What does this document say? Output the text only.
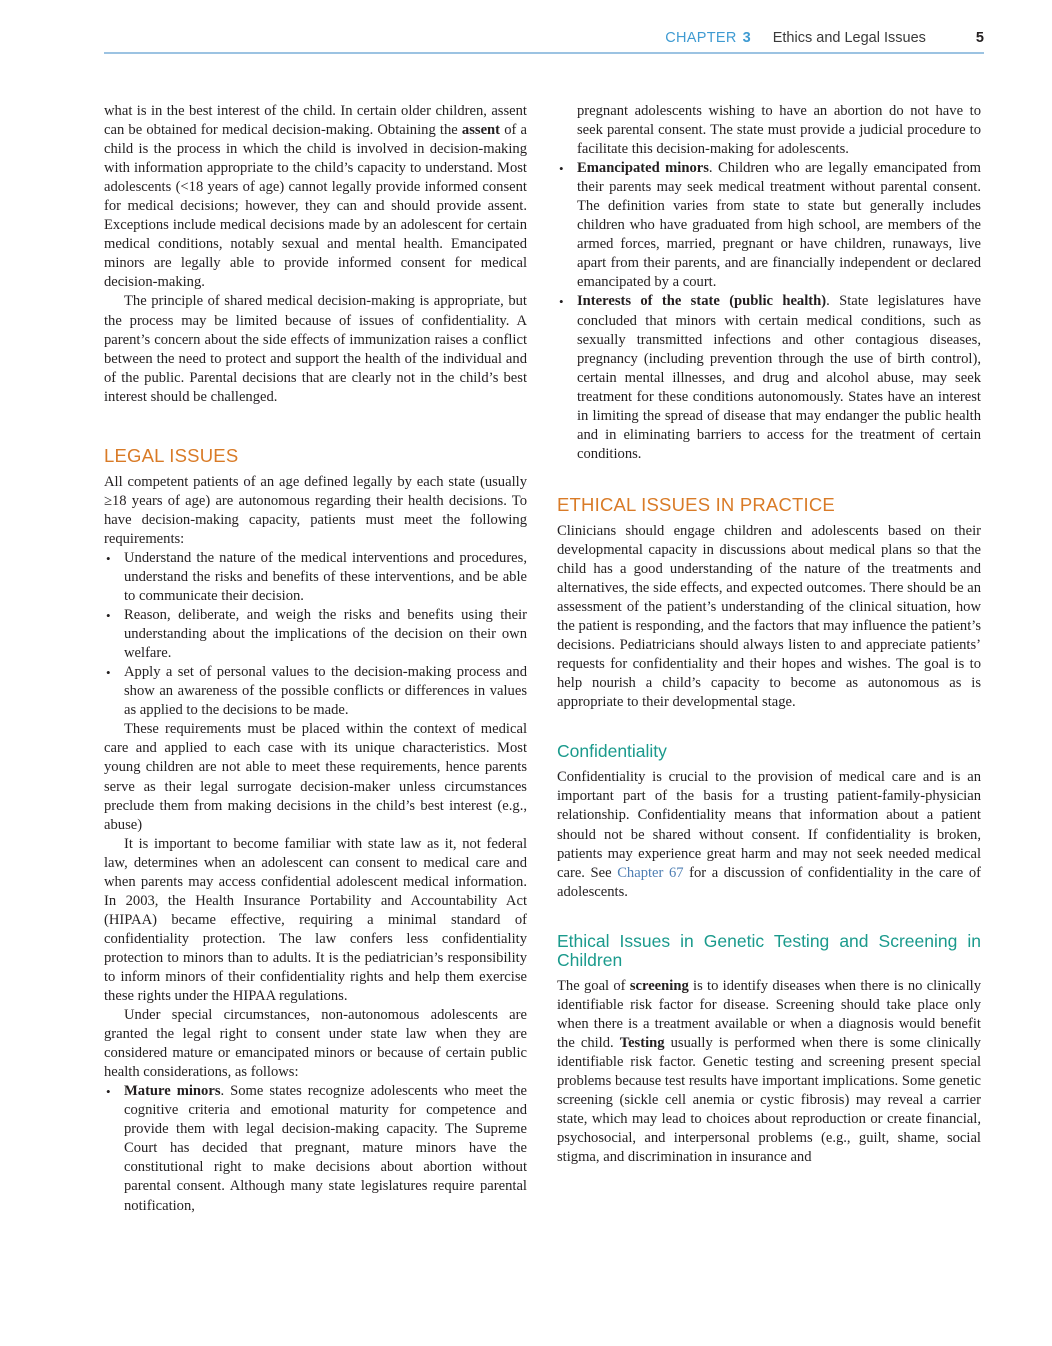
CHAPTER 3 Ethics and Legal Issues	5

what is in the best interest of the child. In certain older children, assent can be obtained for medical decision-making. Obtaining the assent of a child is the process in which the child is involved in decision-making with information appropriate to the child’s capacity to understand. Most adolescents (<18 years of age) cannot legally provide informed consent for medical decisions; however, they can and should provide assent. Exceptions include medical decisions made by an adolescent for certain medical conditions, notably sexual and mental health. Emancipated minors are legally able to provide informed consent for medical decision-making.

The principle of shared medical decision-making is appropriate, but the process may be limited because of issues of confidentiality. A parent’s concern about the side effects of immunization raises a conflict between the need to protect and support the health of the individual and of the public. Parental decisions that are clearly not in the child’s best interest should be challenged.

LEGAL ISSUES

All competent patients of an age defined legally by each state (usually ≥18 years of age) are autonomous regarding their health decisions. To have decision-making capacity, patients must meet the following requirements:

• Understand the nature of the medical interventions and procedures, understand the risks and benefits of these interventions, and be able to communicate their decision.
• Reason, deliberate, and weigh the risks and benefits using their understanding about the implications of the decision on their own welfare.
• Apply a set of personal values to the decision-making process and show an awareness of the possible conflicts or differences in values as applied to the decisions to be made.

These requirements must be placed within the context of medical care and applied to each case with its unique characteristics. Most young children are not able to meet these requirements, hence parents serve as their legal surrogate decision-maker unless circumstances preclude them from making decisions in the child’s best interest (e.g., abuse)

It is important to become familiar with state law as it, not federal law, determines when an adolescent can consent to medical care and when parents may access confidential adolescent medical information. In 2003, the Health Insurance Portability and Accountability Act (HIPAA) became effective, requiring a minimal standard of confidentiality protection. The law confers less confidentiality protection to minors than to adults. It is the pediatrician’s responsibility to inform minors of their confidentiality rights and help them exercise these rights under the HIPAA regulations.

Under special circumstances, non-autonomous adolescents are granted the legal right to consent under state law when they are considered mature or emancipated minors or because of certain public health considerations, as follows:

• Mature minors. Some states recognize adolescents who meet the cognitive criteria and emotional maturity for competence and provide them with legal decision-making capacity. The Supreme Court has decided that pregnant, mature minors have the constitutional right to make decisions about abortion without parental consent. Although many state legislatures require parental notification,
pregnant adolescents wishing to have an abortion do not have to seek parental consent. The state must provide a judicial procedure to facilitate this decision-making for adolescents.
• Emancipated minors. Children who are legally emancipated from their parents may seek medical treatment without parental consent. The definition varies from state to state but generally includes children who have graduated from high school, are members of the armed forces, married, pregnant or have children, runaways, live apart from their parents, and are financially independent or declared emancipated by a court.
• Interests of the state (public health). State legislatures have concluded that minors with certain medical conditions, such as sexually transmitted infections and other contagious diseases, pregnancy (including prevention through the use of birth control), certain mental illnesses, and drug and alcohol abuse, may seek treatment for these conditions autonomously. States have an interest in limiting the spread of disease that may endanger the public health and in eliminating barriers to access for the treatment of certain conditions.
ETHICAL ISSUES IN PRACTICE

Clinicians should engage children and adolescents based on their developmental capacity in discussions about medical plans so that the child has a good understanding of the nature of the treatments and alternatives, the side effects, and expected outcomes. There should be an assessment of the patient’s understanding of the clinical situation, how the patient is responding, and the factors that may influence the patient’s decisions. Pediatricians should always listen to and appreciate patients’ requests for confidentiality and their hopes and wishes. The goal is to help nourish a child’s capacity to become as autonomous as is appropriate to their developmental stage.

Confidentiality

Confidentiality is crucial to the provision of medical care and is an important part of the basis for a trusting patient-family-physician relationship. Confidentiality means that information about a patient should not be shared without consent. If confidentiality is broken, patients may experience great harm and may not seek needed medical care. See Chapter 67 for a discussion of confidentiality in the care of adolescents.

Ethical Issues in Genetic Testing and Screening in Children

The goal of screening is to identify diseases when there is no clinically identifiable risk factor for disease. Screening should take place only when there is a treatment available or when a diagnosis would benefit the child. Testing usually is performed when there is some clinically identifiable risk factor. Genetic testing and screening present special problems because test results have important implications. Some genetic screening (sickle cell anemia or cystic fibrosis) may reveal a carrier state, which may lead to choices about reproduction or create financial, psychosocial, and interpersonal problems (e.g., guilt, shame, social stigma, and discrimination in insurance and
